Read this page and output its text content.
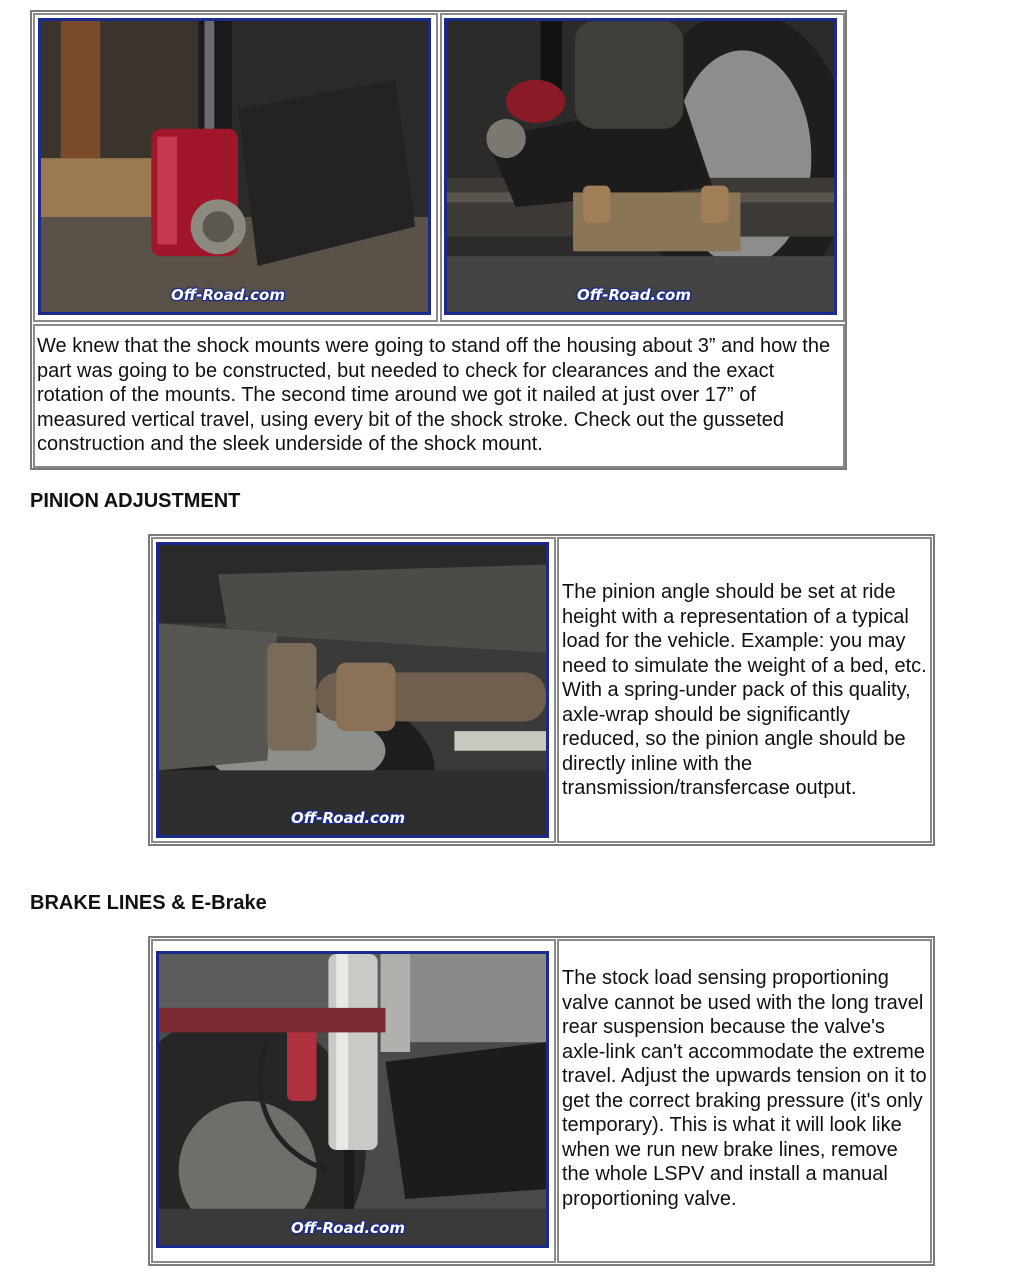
Off-Road.com	Off-Road.com
We knew that the shock mounts were going to stand off the housing about 3” and how the part was going to be constructed, but needed to check for clearances and the exact rotation of the mounts. The second time around we got it nailed at just over 17” of measured vertical travel, using every bit of the shock stroke. Check out the gusseted construction and the sleek underside of the shock mount.
PINION ADJUSTMENT
Off-Road.com
The pinion angle should be set at ride height with a representation of a typical load for the vehicle. Example: you may need to simulate the weight of a bed, etc. With a spring-under pack of this quality, axle-wrap should be significantly reduced, so the pinion angle should be directly inline with the transmission/transfercase output.
BRAKE LINES & E-Brake
Off-Road.com
The stock load sensing proportioning valve cannot be used with the long travel rear suspension because the valve's axle-link can't accommodate the extreme travel. Adjust the upwards tension on it to get the correct braking pressure (it's only temporary). This is what it will look like when we run new brake lines, remove the whole LSPV and install a manual proportioning valve.
